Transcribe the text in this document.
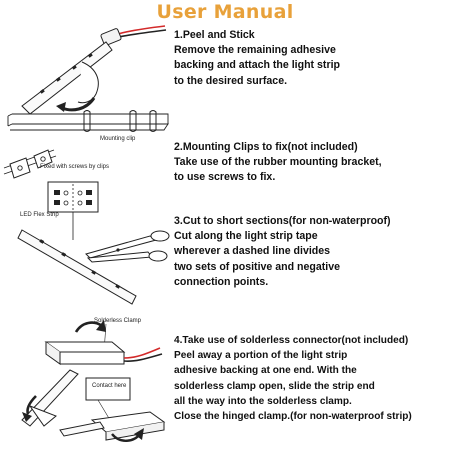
User Manual

1.Peel and Stick

Remove the remaining adhesive

backing and attach the light strip

to the desired surface.

2.Mounting Clips to fix(not included)

Take use of the rubber mounting bracket,

to use screws to fix.

3.Cut to short sections(for non-waterproof)

Cut along the light strip tape

wherever a dashed line divides

two sets of positive and negative

connection points.

4.Take use of solderless connector(not included)

Peel away a portion of the light strip

adhesive backing at one end. With the

solderless clamp open, slide the strip end

all the way into the solderless clamp.

Close the hinged clamp.(for non-waterproof strip)

Mounting clip
Fixed with screws by clips
LED Flex Strip
Solderless Clamp
Contact here
